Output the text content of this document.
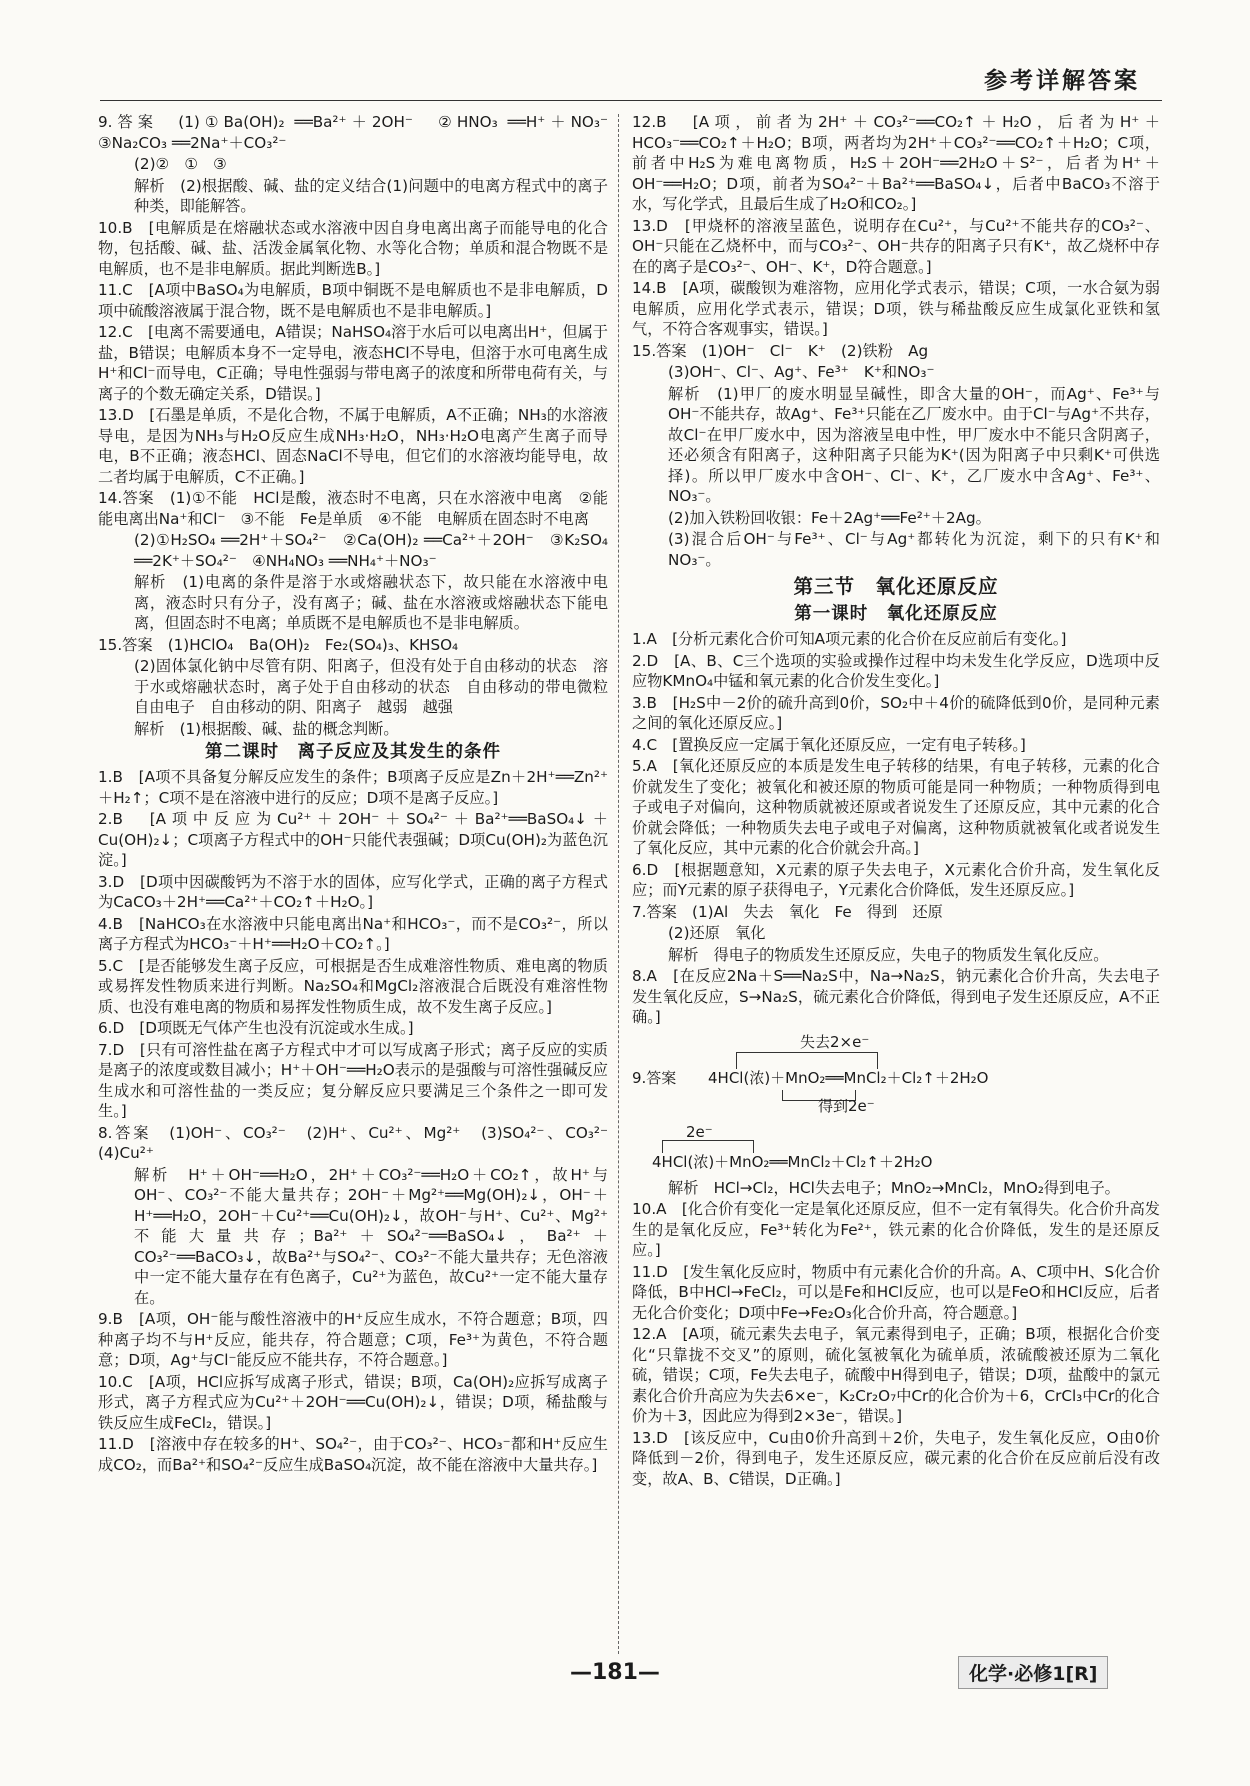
参考详解答案
9.答案　(1)①Ba(OH)₂ ══Ba²⁺＋2OH⁻　②HNO₃ ══H⁺＋NO₃⁻　③Na₂CO₃ ══2Na⁺＋CO₃²⁻
(2)②　①　③
解析　(2)根据酸、碱、盐的定义结合(1)问题中的电离方程式中的离子种类，即能解答。
10.B　[电解质是在熔融状态或水溶液中因自身电离出离子而能导电的化合物，包括酸、碱、盐、活泼金属氧化物、水等化合物；单质和混合物既不是电解质，也不是非电解质。据此判断选B。]
11.C　[A项中BaSO₄为电解质，B项中铜既不是电解质也不是非电解质，D项中硫酸溶液属于混合物，既不是电解质也不是非电解质。]
12.C　[电离不需要通电，A错误；NaHSO₄溶于水后可以电离出H⁺，但属于盐，B错误；电解质本身不一定导电，液态HCl不导电，但溶于水可电离生成H⁺和Cl⁻而导电，C正确；导电性强弱与带电离子的浓度和所带电荷有关，与离子的个数无确定关系，D错误。]
13.D　[石墨是单质，不是化合物，不属于电解质，A不正确；NH₃的水溶液导电，是因为NH₃与H₂O反应生成NH₃·H₂O，NH₃·H₂O电离产生离子而导电，B不正确；液态HCl、固态NaCl不导电，但它们的水溶液均能导电，故二者均属于电解质，C不正确。]
14.答案　(1)①不能　HCl是酸，液态时不电离，只在水溶液中电离　②能　能电离出Na⁺和Cl⁻　③不能　Fe是单质　④不能　电解质在固态时不电离
(2)①H₂SO₄ ══2H⁺＋SO₄²⁻　②Ca(OH)₂ ══Ca²⁺＋2OH⁻　③K₂SO₄ ══2K⁺＋SO₄²⁻　④NH₄NO₃ ══NH₄⁺＋NO₃⁻
解析　(1)电离的条件是溶于水或熔融状态下，故只能在水溶液中电离，液态时只有分子，没有离子；碱、盐在水溶液或熔融状态下能电离，但固态时不电离；单质既不是电解质也不是非电解质。
15.答案　(1)HClO₄　Ba(OH)₂　Fe₂(SO₄)₃、KHSO₄
(2)固体氯化钠中尽管有阴、阳离子，但没有处于自由移动的状态　溶于水或熔融状态时，离子处于自由移动的状态　自由移动的带电微粒　自由电子　自由移动的阴、阳离子　越弱　越强
解析　(1)根据酸、碱、盐的概念判断。
第二课时　离子反应及其发生的条件
1.B　[A项不具备复分解反应发生的条件；B项离子反应是Zn＋2H⁺══Zn²⁺＋H₂↑；C项不是在溶液中进行的反应；D项不是离子反应。]
2.B　[A项中反应为Cu²⁺＋2OH⁻＋SO₄²⁻＋Ba²⁺══BaSO₄↓＋Cu(OH)₂↓；C项离子方程式中的OH⁻只能代表强碱；D项Cu(OH)₂为蓝色沉淀。]
3.D　[D项中因碳酸钙为不溶于水的固体，应写化学式，正确的离子方程式为CaCO₃＋2H⁺══Ca²⁺＋CO₂↑＋H₂O。]
4.B　[NaHCO₃在水溶液中只能电离出Na⁺和HCO₃⁻，而不是CO₃²⁻，所以离子方程式为HCO₃⁻＋H⁺══H₂O＋CO₂↑。]
5.C　[是否能够发生离子反应，可根据是否生成难溶性物质、难电离的物质或易挥发性物质来进行判断。Na₂SO₄和MgCl₂溶液混合后既没有难溶性物质、也没有难电离的物质和易挥发性物质生成，故不发生离子反应。]
6.D　[D项既无气体产生也没有沉淀或水生成。]
7.D　[只有可溶性盐在离子方程式中才可以写成离子形式；离子反应的实质是离子的浓度或数目减小；H⁺＋OH⁻══H₂O表示的是强酸与可溶性强碱反应生成水和可溶性盐的一类反应；复分解反应只要满足三个条件之一即可发生。]
8.答案　(1)OH⁻、CO₃²⁻　(2)H⁺、Cu²⁺、Mg²⁺　(3)SO₄²⁻、CO₃²⁻　(4)Cu²⁺
解析　H⁺＋OH⁻══H₂O，2H⁺＋CO₃²⁻══H₂O＋CO₂↑，故H⁺与OH⁻、CO₃²⁻不能大量共存；2OH⁻＋Mg²⁺══Mg(OH)₂↓，OH⁻＋H⁺══H₂O，2OH⁻＋Cu²⁺══Cu(OH)₂↓，故OH⁻与H⁺、Cu²⁺、Mg²⁺不能大量共存；Ba²⁺＋SO₄²⁻══BaSO₄↓，Ba²⁺＋CO₃²⁻══BaCO₃↓，故Ba²⁺与SO₄²⁻、CO₃²⁻不能大量共存；无色溶液中一定不能大量存在有色离子，Cu²⁺为蓝色，故Cu²⁺一定不能大量存在。
9.B　[A项，OH⁻能与酸性溶液中的H⁺反应生成水，不符合题意；B项，四种离子均不与H⁺反应，能共存，符合题意；C项，Fe³⁺为黄色，不符合题意；D项，Ag⁺与Cl⁻能反应不能共存，不符合题意。]
10.C　[A项，HCl应拆写成离子形式，错误；B项，Ca(OH)₂应拆写成离子形式，离子方程式应为Cu²⁺＋2OH⁻══Cu(OH)₂↓，错误；D项，稀盐酸与铁反应生成FeCl₂，错误。]
11.D　[溶液中存在较多的H⁺、SO₄²⁻，由于CO₃²⁻、HCO₃⁻都和H⁺反应生成CO₂，而Ba²⁺和SO₄²⁻反应生成BaSO₄沉淀，故不能在溶液中大量共存。]
12.B　[A项，前者为2H⁺＋CO₃²⁻══CO₂↑＋H₂O，后者为H⁺＋HCO₃⁻══CO₂↑＋H₂O；B项，两者均为2H⁺＋CO₃²⁻══CO₂↑＋H₂O；C项，前者中H₂S为难电离物质，H₂S＋2OH⁻══2H₂O＋S²⁻，后者为H⁺＋OH⁻══H₂O；D项，前者为SO₄²⁻＋Ba²⁺══BaSO₄↓，后者中BaCO₃不溶于水，写化学式，且最后生成了H₂O和CO₂。]
13.D　[甲烧杯的溶液呈蓝色，说明存在Cu²⁺，与Cu²⁺不能共存的CO₃²⁻、OH⁻只能在乙烧杯中，而与CO₃²⁻、OH⁻共存的阳离子只有K⁺，故乙烧杯中存在的离子是CO₃²⁻、OH⁻、K⁺，D符合题意。]
14.B　[A项，碳酸钡为难溶物，应用化学式表示，错误；C项，一水合氨为弱电解质，应用化学式表示，错误；D项，铁与稀盐酸反应生成氯化亚铁和氢气，不符合客观事实，错误。]
15.答案　(1)OH⁻　Cl⁻　K⁺　(2)铁粉　Ag
(3)OH⁻、Cl⁻、Ag⁺、Fe³⁺　K⁺和NO₃⁻
解析　(1)甲厂的废水明显呈碱性，即含大量的OH⁻，而Ag⁺、Fe³⁺与OH⁻不能共存，故Ag⁺、Fe³⁺只能在乙厂废水中。由于Cl⁻与Ag⁺不共存，故Cl⁻在甲厂废水中，因为溶液呈电中性，甲厂废水中不能只含阴离子，还必须含有阳离子，这种阳离子只能为K⁺(因为阳离子中只剩K⁺可供选择)。所以甲厂废水中含OH⁻、Cl⁻、K⁺，乙厂废水中含Ag⁺、Fe³⁺、NO₃⁻。
(2)加入铁粉回收银：Fe＋2Ag⁺══Fe²⁺＋2Ag。
(3)混合后OH⁻与Fe³⁺、Cl⁻与Ag⁺都转化为沉淀，剩下的只有K⁺和NO₃⁻。
第三节　氧化还原反应
第一课时　氧化还原反应
1.A　[分析元素化合价可知A项元素的化合价在反应前后有变化。]
2.D　[A、B、C三个选项的实验或操作过程中均未发生化学反应，D选项中反应物KMnO₄中锰和氧元素的化合价发生变化。]
3.B　[H₂S中－2价的硫升高到0价，SO₂中＋4价的硫降低到0价，是同种元素之间的氧化还原反应。]
4.C　[置换反应一定属于氧化还原反应，一定有电子转移。]
5.A　[氧化还原反应的本质是发生电子转移的结果，有电子转移，元素的化合价就发生了变化；被氧化和被还原的物质可能是同一种物质；一种物质得到电子或电子对偏向，这种物质就被还原或者说发生了还原反应，其中元素的化合价就会降低；一种物质失去电子或电子对偏离，这种物质就被氧化或者说发生了氧化反应，其中元素的化合价就会升高。]
6.D　[根据题意知，X元素的原子失去电子，X元素化合价升高，发生氧化反应；而Y元素的原子获得电子，Y元素化合价降低，发生还原反应。]
7.答案　(1)Al　失去　氧化　Fe　得到　还原
(2)还原　氧化
解析　得电子的物质发生还原反应，失电子的物质发生氧化反应。
8.A　[在反应2Na＋S══Na₂S中，Na→Na₂S，钠元素化合价升高，失去电子发生氧化反应，S→Na₂S，硫元素化合价降低，得到电子发生还原反应，A不正确。]
失去2×e⁻
9.答案 4HCl(浓)＋MnO₂══MnCl₂＋Cl₂↑＋2H₂O
得到2e⁻
2e⁻
4HCl(浓)＋MnO₂══MnCl₂＋Cl₂↑＋2H₂O
解析　HCl→Cl₂，HCl失去电子；MnO₂→MnCl₂，MnO₂得到电子。
10.A　[化合价有变化一定是氧化还原反应，但不一定有氧得失。化合价升高发生的是氧化反应，Fe³⁺转化为Fe²⁺，铁元素的化合价降低，发生的是还原反应。]
11.D　[发生氧化反应时，物质中有元素化合价的升高。A、C项中H、S化合价降低，B中HCl→FeCl₂，可以是Fe和HCl反应，也可以是FeO和HCl反应，后者无化合价变化；D项中Fe→Fe₂O₃化合价升高，符合题意。]
12.A　[A项，硫元素失去电子，氧元素得到电子，正确；B项，根据化合价变化“只靠拢不交叉”的原则，硫化氢被氧化为硫单质，浓硫酸被还原为二氧化硫，错误；C项，Fe失去电子，硫酸中H得到电子，错误；D项，盐酸中的氯元素化合价升高应为失去6×e⁻，K₂Cr₂O₇中Cr的化合价为＋6，CrCl₃中Cr的化合价为＋3，因此应为得到2×3e⁻，错误。]
13.D　[该反应中，Cu由0价升高到＋2价，失电子，发生氧化反应，O由0价降低到－2价，得到电子，发生还原反应，碳元素的化合价在反应前后没有改变，故A、B、C错误，D正确。]
—181—	化学·必修1[R]
